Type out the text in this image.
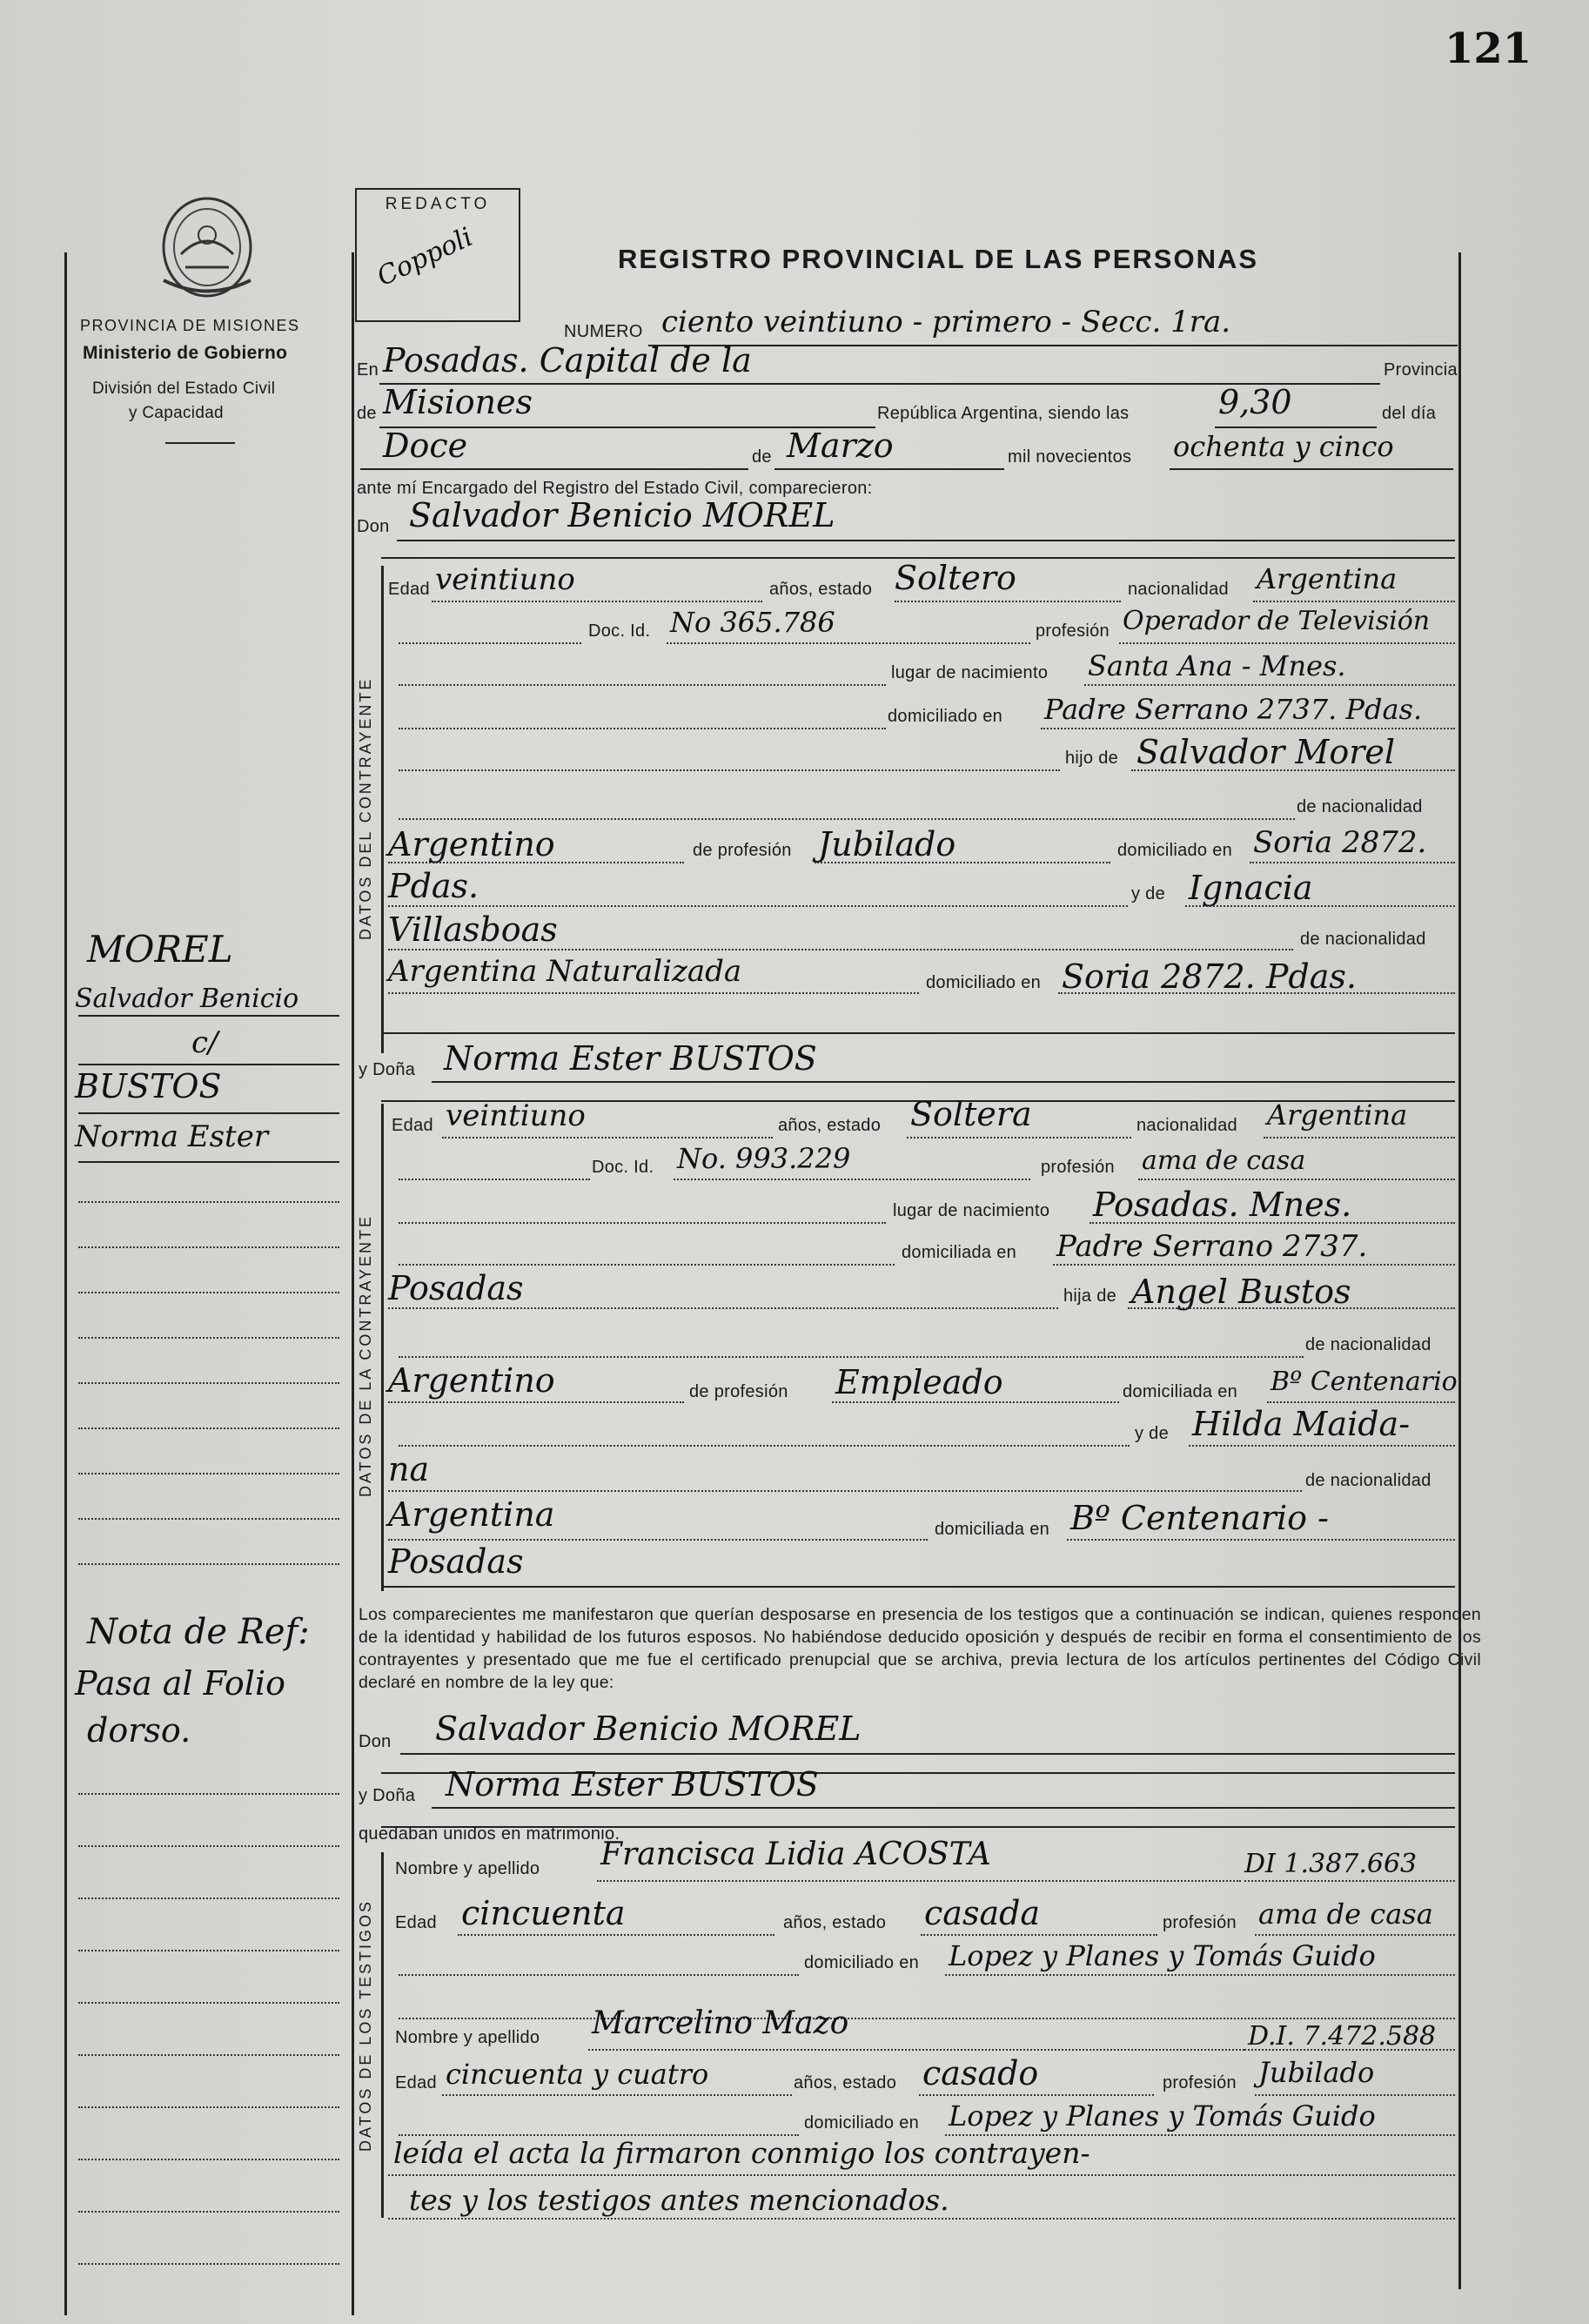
121
PROVINCIA DE MISIONES
Ministerio de Gobierno
División del Estado Civil
y Capacidad
REDACTO
Coppoli	REGISTRO PROVINCIAL DE LAS PERSONAS
NUMERO ciento veintiuno - primero - Secc. 1ra.
En Posadas. Capital de la	Provincia
de Misiones	República Argentina, siendo las	9,30	del día
Doce	de Marzo	mil novecientos ochenta y cinco
ante mí Encargado del Registro del Estado Civil, comparecieron:
Don Salvador Benicio MOREL
MOREL
Salvador Benicio
c/
BUSTOS
Norma Ester
Nota de Ref:
Pasa al Folio
dorso.
DATOS DEL CONTRAYENTE
Edad veintiuno	años, estado Soltero	nacionalidad Argentina
Doc. Id. No 365.786	profesión Operador de Televisión
lugar de nacimiento Santa Ana - Mnes.
domiciliado en Padre Serrano 2737. Pdas.
hijo de Salvador Morel
de nacionalidad
Argentino	de profesión Jubilado	domiciliado en Soria 2872.
Pdas.	y de Ignacia
Villasboas	de nacionalidad
Argentina Naturalizada	domiciliado en Soria 2872. Pdas.
y Doña Norma Ester BUSTOS
DATOS DE LA CONTRAYENTE
Edad veintiuno	años, estado Soltera	nacionalidad Argentina
Doc. Id. No. 993.229	profesión ama de casa
lugar de nacimiento Posadas. Mnes.
domiciliada en Padre Serrano 2737.
Posadas	hija de Angel Bustos
de nacionalidad
Argentino	de profesión Empleado	domiciliada en Bº Centenario
y de Hilda Maida-
na	de nacionalidad
Argentina	domiciliada en Bº Centenario -
Posadas
Los comparecientes me manifestaron que querían desposarse en presencia de los testigos que a continuación se indican, quienes responden de la identidad y habilidad de los futuros esposos. No habiéndose deducido oposición y después de recibir en forma el consentimiento de los contrayentes y presentado que me fue el certificado prenupcial que se archiva, previa lectura de los artículos pertinentes del Código Civil declaré en nombre de la ley que:
Don Salvador Benicio MOREL
y Doña Norma Ester BUSTOS
quedaban unidos en matrimonio.
DATOS DE LOS TESTIGOS
Nombre y apellido Francisca Lidia ACOSTA	DI 1.387.663
Edad cincuenta	años, estado casada	profesión ama de casa
domiciliado en Lopez y Planes y Tomás Guido
Nombre y apellido Marcelino Mazo	D.I. 7.472.588
Edad cincuenta y cuatro	años, estado casado	profesión Jubilado
domiciliado en Lopez y Planes y Tomás Guido
leída el acta la firmaron conmigo los contrayen-
tes y los testigos antes mencionados.
